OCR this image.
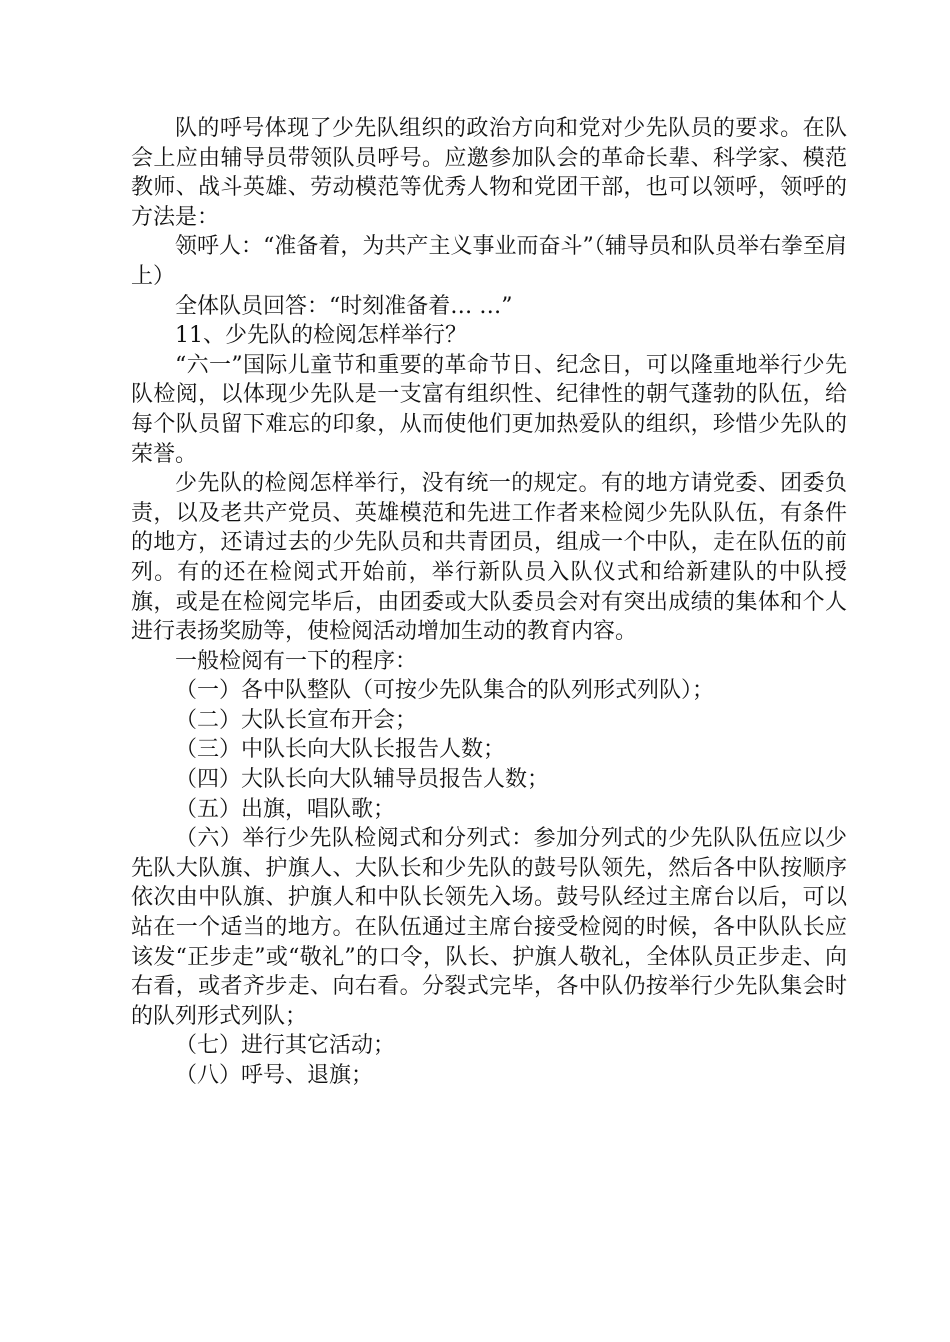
队的呼号体现了少先队组织的政治方向和党对少先队员的要求。在队会上应由辅导员带领队员呼号。应邀参加队会的革命长辈、科学家、模范教师、战斗英雄、劳动模范等优秀人物和党团干部，也可以领呼，领呼的方法是：

领呼人：“准备着，为共产主义事业而奋斗”（辅导员和队员举右拳至肩上）

全体队员回答：“时刻准备着… …”

11、少先队的检阅怎样举行？

“六一”国际儿童节和重要的革命节日、纪念日，可以隆重地举行少先队检阅，以体现少先队是一支富有组织性、纪律性的朝气蓬勃的队伍，给每个队员留下难忘的印象，从而使他们更加热爱队的组织，珍惜少先队的荣誉。

少先队的检阅怎样举行，没有统一的规定。有的地方请党委、团委负责，以及老共产党员、英雄模范和先进工作者来检阅少先队队伍，有条件的地方，还请过去的少先队员和共青团员，组成一个中队，走在队伍的前列。有的还在检阅式开始前，举行新队员入队仪式和给新建队的中队授旗，或是在检阅完毕后，由团委或大队委员会对有突出成绩的集体和个人进行表扬奖励等，使检阅活动增加生动的教育内容。

一般检阅有一下的程序：

（一）各中队整队（可按少先队集合的队列形式列队）；

（二）大队长宣布开会；

（三）中队长向大队长报告人数；

（四）大队长向大队辅导员报告人数；

（五）出旗，唱队歌；

（六）举行少先队检阅式和分列式：参加分列式的少先队队伍应以少先队大队旗、护旗人、大队长和少先队的鼓号队领先，然后各中队按顺序依次由中队旗、护旗人和中队长领先入场。鼓号队经过主席台以后，可以站在一个适当的地方。在队伍通过主席台接受检阅的时候，各中队队长应该发“正步走”或“敬礼”的口令，队长、护旗人敬礼，全体队员正步走、向右看，或者齐步走、向右看。分裂式完毕，各中队仍按举行少先队集会时的队列形式列队；

（七）进行其它活动；

（八）呼号、退旗；
